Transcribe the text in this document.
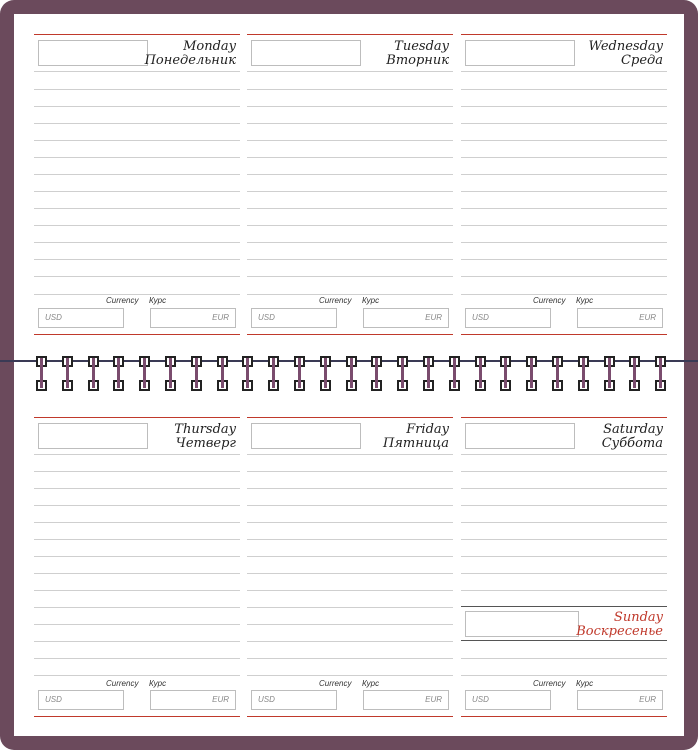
Monday
Понедельник
Currency Курс
USD	EUR
Tuesday
Вторник
Currency Курс
USD	EUR
Wednesday
Среда
Currency Курс
USD	EUR
Thursday
Четверг
Currency Курс
USD	EUR
Friday
Пятница
Currency Курс
USD	EUR
Saturday
Суббота
Sunday
Воскресенье
Currency Курс
USD	EUR
